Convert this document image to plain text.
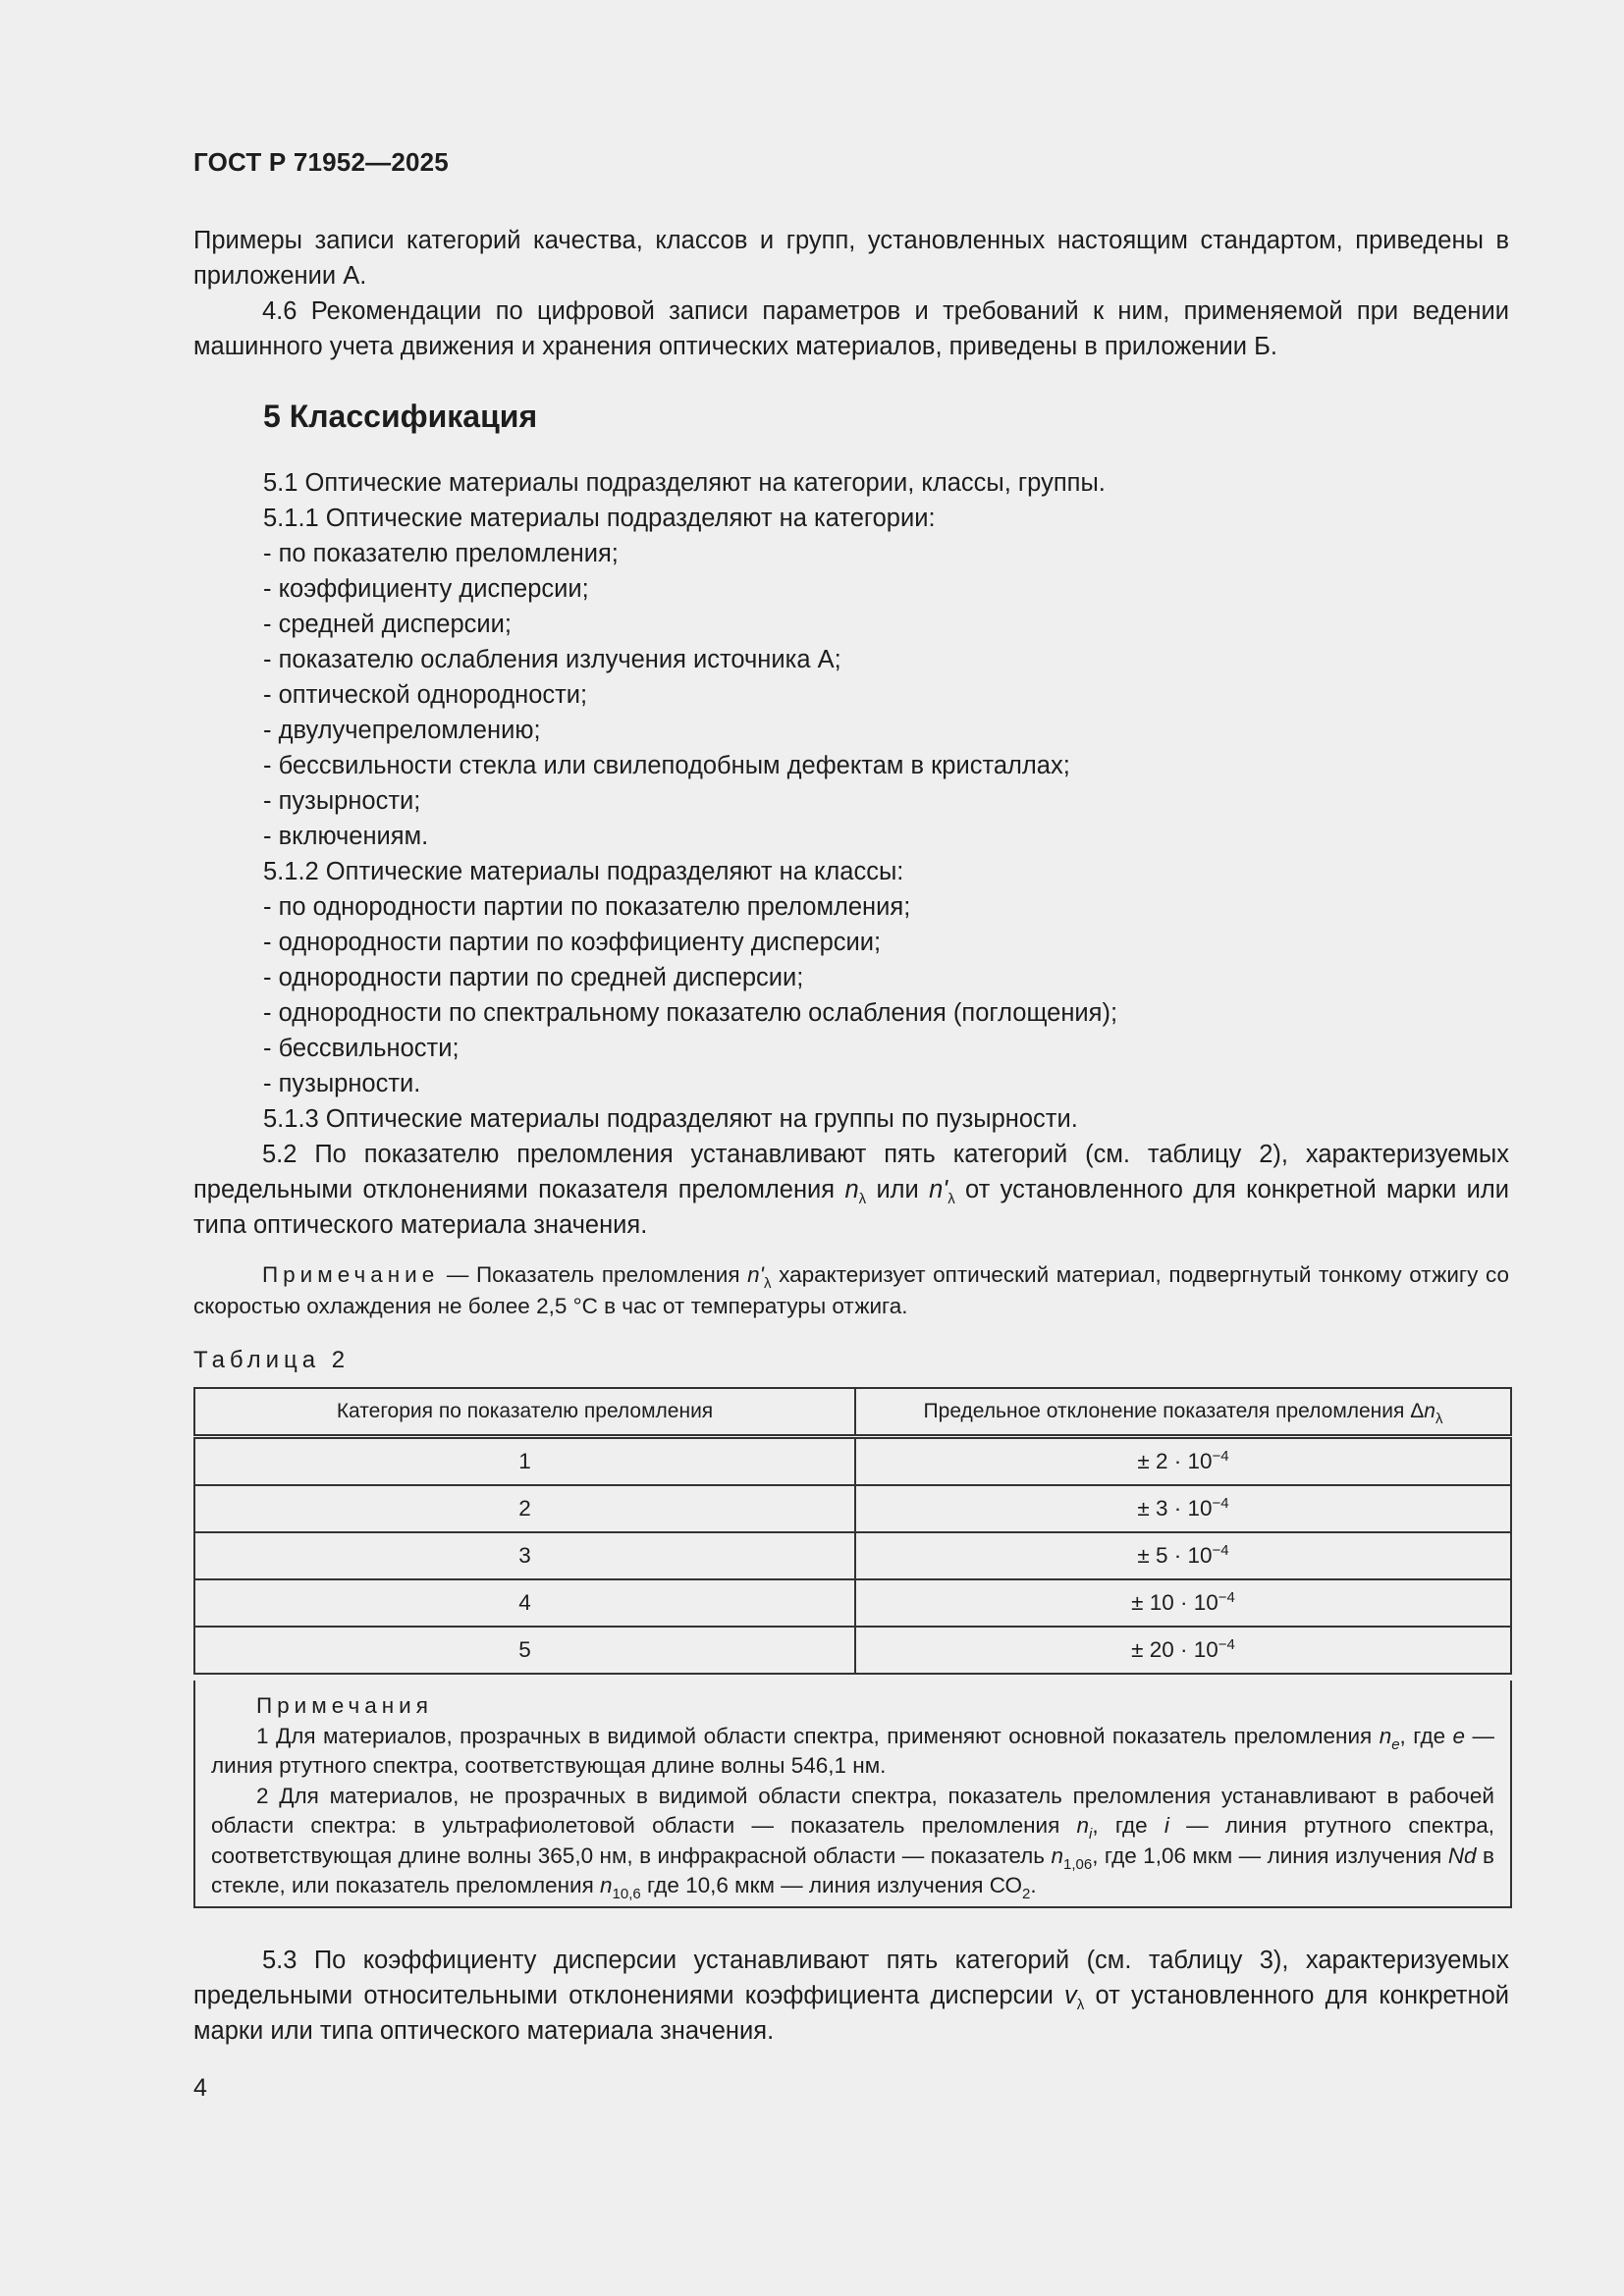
ГОСТ Р 71952—2025

Примеры записи категорий качества, классов и групп, установленных настоящим стандартом, приведены в приложении А.

4.6 Рекомендации по цифровой записи параметров и требований к ним, применяемой при ведении машинного учета движения и хранения оптических материалов, приведены в приложении Б.

5 Классификация
5.1 Оптические материалы подразделяют на категории, классы, группы.
5.1.1 Оптические материалы подразделяют на категории:
- по показателю преломления;
- коэффициенту дисперсии;
- средней дисперсии;
- показателю ослабления излучения источника А;
- оптической однородности;
- двулучепреломлению;
- бессвильности стекла или свилеподобным дефектам в кристаллах;
- пузырности;
- включениям.
5.1.2 Оптические материалы подразделяют на классы:
- по однородности партии по показателю преломления;
- однородности партии по коэффициенту дисперсии;
- однородности партии по средней дисперсии;
- однородности по спектральному показателю ослабления (поглощения);
- бессвильности;
- пузырности.
5.1.3 Оптические материалы подразделяют на группы по пузырности.

5.2 По показателю преломления устанавливают пять категорий (см. таблицу 2), характеризуемых предельными отклонениями показателя преломления $n_\lambda$ или $n'_\lambda$ от установленного для конкретной марки или типа оптического материала значения.

Примечание — Показатель преломления $n'_\lambda$ характеризует оптический материал, подвергнутый тонкому отжигу со скоростью охлаждения не более 2,5 °С в час от температуры отжига.

Таблица 2
Категория по показателю преломления	Предельное отклонение показателя преломления $\Delta n_\lambda$
1	± $2 \cdot 10^{-4}$
2	± $3 \cdot 10^{-4}$
3	± $5 \cdot 10^{-4}$
4	± $10 \cdot 10^{-4}$
5	± $20 \cdot 10^{-4}$

Примечания

1 Для материалов, прозрачных в видимой области спектра, применяют основной показатель преломления $n_e$, где е — линия ртутного спектра, соответствующая длине волны 546,1 нм.

2 Для материалов, не прозрачных в видимой области спектра, показатель преломления устанавливают в рабочей области спектра: в ультрафиолетовой области — показатель преломления $n_i$, где i — линия ртутного спектра, соответствующая длине волны 365,0 нм, в инфракрасной области — показатель $n_{1,06}$, где 1,06 мкм — линия излучения Nd в стекле, или показатель преломления $n_{10,6}$ где 10,6 мкм — линия излучения $СО_2$.

5.3 По коэффициенту дисперсии устанавливают пять категорий (см. таблицу 3), характеризуемых предельными относительными отклонениями коэффициента дисперсии $v_\lambda$ от установленного для конкретной марки или типа оптического материала значения.

4
